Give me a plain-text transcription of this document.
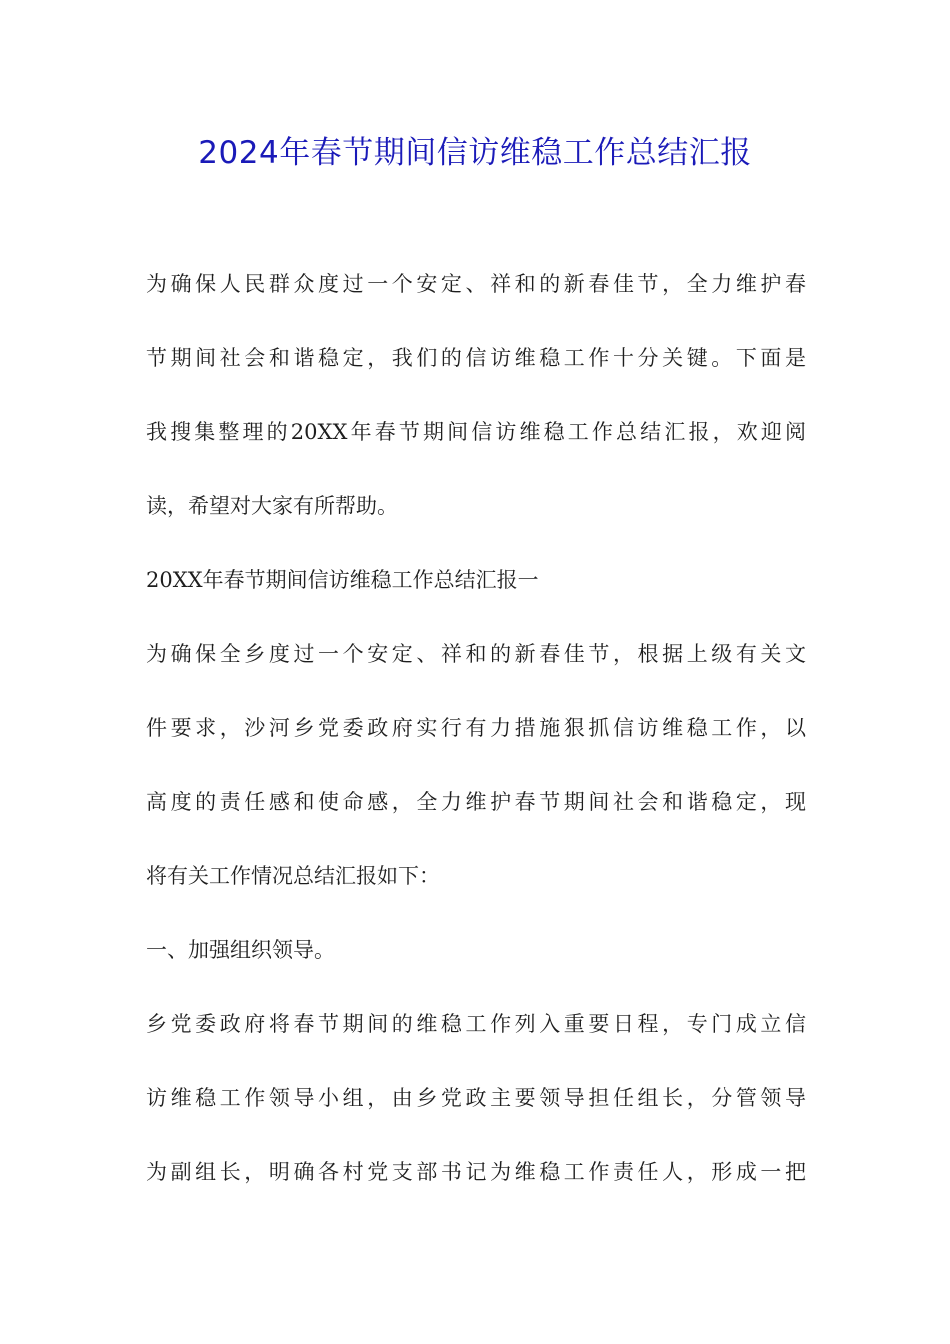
2024年春节期间信访维稳工作总结汇报
为确保人民群众度过一个安定、祥和的新春佳节，全力维护春
节期间社会和谐稳定，我们的信访维稳工作十分关键。下面是
我搜集整理的20XX年春节期间信访维稳工作总结汇报，欢迎阅
读，希望对大家有所帮助。
20XX年春节期间信访维稳工作总结汇报一
为确保全乡度过一个安定、祥和的新春佳节，根据上级有关文
件要求，沙河乡党委政府实行有力措施狠抓信访维稳工作，以
高度的责任感和使命感，全力维护春节期间社会和谐稳定，现
将有关工作情况总结汇报如下：
一、加强组织领导。
乡党委政府将春节期间的维稳工作列入重要日程，专门成立信
访维稳工作领导小组，由乡党政主要领导担任组长，分管领导
为副组长，明确各村党支部书记为维稳工作责任人，形成一把
